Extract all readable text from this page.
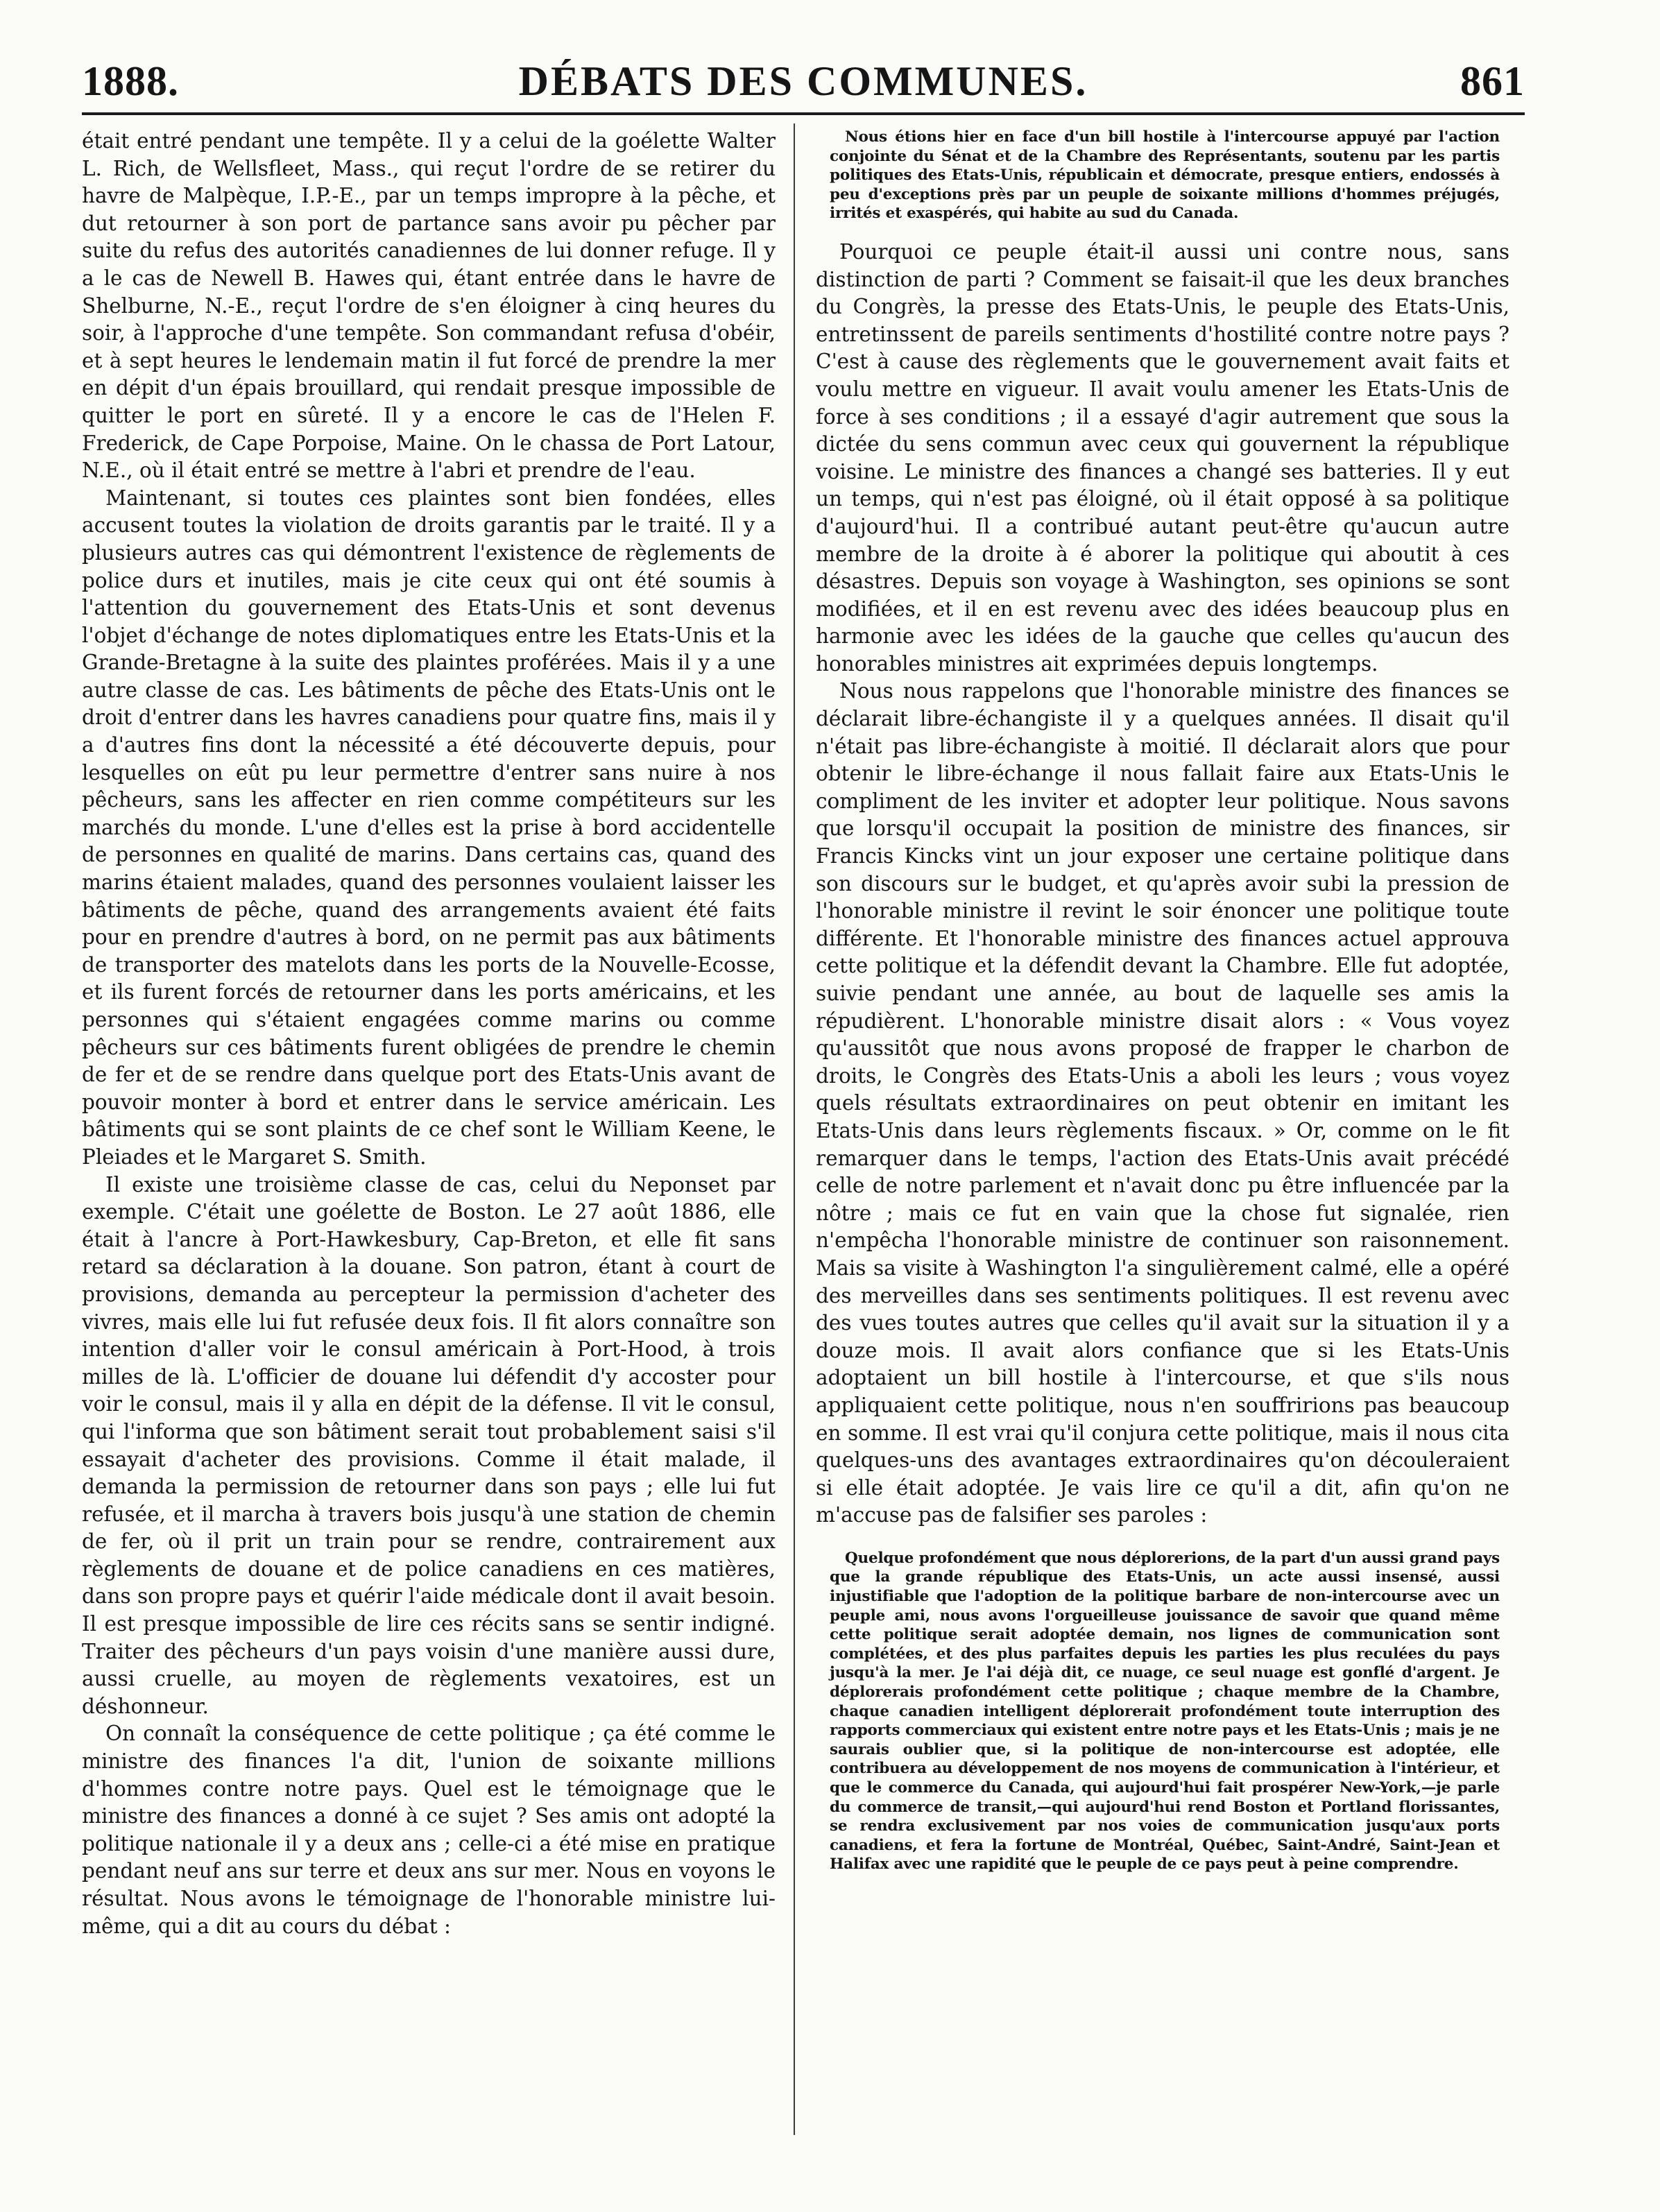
1888.	DÉBATS DES COMMUNES.	861

était entré pendant une tempête. Il y a celui de la goélette Walter L. Rich, de Wellsfleet, Mass., qui reçut l'ordre de se retirer du havre de Malpèque, I.P.-E., par un temps impropre à la pêche, et dut retourner à son port de partance sans avoir pu pêcher par suite du refus des autorités canadiennes de lui donner refuge. Il y a le cas de Newell B. Hawes qui, étant entrée dans le havre de Shelburne, N.-E., reçut l'ordre de s'en éloigner à cinq heures du soir, à l'approche d'une tempête. Son commandant refusa d'obéir, et à sept heures le lendemain matin il fut forcé de prendre la mer en dépit d'un épais brouillard, qui rendait presque impossible de quitter le port en sûreté. Il y a encore le cas de l'Helen F. Frederick, de Cape Porpoise, Maine. On le chassa de Port Latour, N.E., où il était entré se mettre à l'abri et prendre de l'eau.

Maintenant, si toutes ces plaintes sont bien fondées, elles accusent toutes la violation de droits garantis par le traité. Il y a plusieurs autres cas qui démontrent l'existence de règlements de police durs et inutiles, mais je cite ceux qui ont été soumis à l'attention du gouvernement des Etats-Unis et sont devenus l'objet d'échange de notes diplomatiques entre les Etats-Unis et la Grande-Bretagne à la suite des plaintes proférées. Mais il y a une autre classe de cas. Les bâtiments de pêche des Etats-Unis ont le droit d'entrer dans les havres canadiens pour quatre fins, mais il y a d'autres fins dont la nécessité a été découverte depuis, pour lesquelles on eût pu leur permettre d'entrer sans nuire à nos pêcheurs, sans les affecter en rien comme compétiteurs sur les marchés du monde. L'une d'elles est la prise à bord accidentelle de personnes en qualité de marins. Dans certains cas, quand des marins étaient malades, quand des personnes voulaient laisser les bâtiments de pêche, quand des arrangements avaient été faits pour en prendre d'autres à bord, on ne permit pas aux bâtiments de transporter des matelots dans les ports de la Nouvelle-Ecosse, et ils furent forcés de retourner dans les ports américains, et les personnes qui s'étaient engagées comme marins ou comme pêcheurs sur ces bâtiments furent obligées de prendre le chemin de fer et de se rendre dans quelque port des Etats-Unis avant de pouvoir monter à bord et entrer dans le service américain. Les bâtiments qui se sont plaints de ce chef sont le William Keene, le Pleiades et le Margaret S. Smith.

Il existe une troisième classe de cas, celui du Neponset par exemple. C'était une goélette de Boston. Le 27 août 1886, elle était à l'ancre à Port-Hawkesbury, Cap-Breton, et elle fit sans retard sa déclaration à la douane. Son patron, étant à court de provisions, demanda au percepteur la permission d'acheter des vivres, mais elle lui fut refusée deux fois. Il fit alors connaître son intention d'aller voir le consul américain à Port-Hood, à trois milles de là. L'officier de douane lui défendit d'y accoster pour voir le consul, mais il y alla en dépit de la défense. Il vit le consul, qui l'informa que son bâtiment serait tout probablement saisi s'il essayait d'acheter des provisions. Comme il était malade, il demanda la permission de retourner dans son pays ; elle lui fut refusée, et il marcha à travers bois jusqu'à une station de chemin de fer, où il prit un train pour se rendre, contrairement aux règlements de douane et de police canadiens en ces matières, dans son propre pays et quérir l'aide médicale dont il avait besoin. Il est presque impossible de lire ces récits sans se sentir indigné. Traiter des pêcheurs d'un pays voisin d'une manière aussi dure, aussi cruelle, au moyen de règlements vexatoires, est un déshonneur.

On connaît la conséquence de cette politique ; ça été comme le ministre des finances l'a dit, l'union de soixante millions d'hommes contre notre pays. Quel est le témoignage que le ministre des finances a donné à ce sujet ? Ses amis ont adopté la politique nationale il y a deux ans ; celle-ci a été mise en pratique pendant neuf ans sur terre et deux ans sur mer. Nous en voyons le résultat. Nous avons le témoignage de l'honorable ministre lui-même, qui a dit au cours du débat :

Nous étions hier en face d'un bill hostile à l'intercourse appuyé par l'action conjointe du Sénat et de la Chambre des Représentants, soutenu par les partis politiques des Etats-Unis, républicain et démocrate, presque entiers, endossés à peu d'exceptions près par un peuple de soixante millions d'hommes préjugés, irrités et exaspérés, qui habite au sud du Canada.

Pourquoi ce peuple était-il aussi uni contre nous, sans distinction de parti ? Comment se faisait-il que les deux branches du Congrès, la presse des Etats-Unis, le peuple des Etats-Unis, entretinssent de pareils sentiments d'hostilité contre notre pays ? C'est à cause des règlements que le gouvernement avait faits et voulu mettre en vigueur. Il avait voulu amener les Etats-Unis de force à ses conditions ; il a essayé d'agir autrement que sous la dictée du sens commun avec ceux qui gouvernent la république voisine. Le ministre des finances a changé ses batteries. Il y eut un temps, qui n'est pas éloigné, où il était opposé à sa politique d'aujourd'hui. Il a contribué autant peut-être qu'aucun autre membre de la droite à é aborer la politique qui aboutit à ces désastres. Depuis son voyage à Washington, ses opinions se sont modifiées, et il en est revenu avec des idées beaucoup plus en harmonie avec les idées de la gauche que celles qu'aucun des honorables ministres ait exprimées depuis longtemps.

Nous nous rappelons que l'honorable ministre des finances se déclarait libre-échangiste il y a quelques années. Il disait qu'il n'était pas libre-échangiste à moitié. Il déclarait alors que pour obtenir le libre-échange il nous fallait faire aux Etats-Unis le compliment de les inviter et adopter leur politique. Nous savons que lorsqu'il occupait la position de ministre des finances, sir Francis Kincks vint un jour exposer une certaine politique dans son discours sur le budget, et qu'après avoir subi la pression de l'honorable ministre il revint le soir énoncer une politique toute différente. Et l'honorable ministre des finances actuel approuva cette politique et la défendit devant la Chambre. Elle fut adoptée, suivie pendant une année, au bout de laquelle ses amis la répudièrent. L'honorable ministre disait alors : « Vous voyez qu'aussitôt que nous avons proposé de frapper le charbon de droits, le Congrès des Etats-Unis a aboli les leurs ; vous voyez quels résultats extraordinaires on peut obtenir en imitant les Etats-Unis dans leurs règlements fiscaux. » Or, comme on le fit remarquer dans le temps, l'action des Etats-Unis avait précédé celle de notre parlement et n'avait donc pu être influencée par la nôtre ; mais ce fut en vain que la chose fut signalée, rien n'empêcha l'honorable ministre de continuer son raisonnement. Mais sa visite à Washington l'a singulièrement calmé, elle a opéré des merveilles dans ses sentiments politiques. Il est revenu avec des vues toutes autres que celles qu'il avait sur la situation il y a douze mois. Il avait alors confiance que si les Etats-Unis adoptaient un bill hostile à l'intercourse, et que s'ils nous appliquaient cette politique, nous n'en souffririons pas beaucoup en somme. Il est vrai qu'il conjura cette politique, mais il nous cita quelques-uns des avantages extraordinaires qu'on découleraient si elle était adoptée. Je vais lire ce qu'il a dit, afin qu'on ne m'accuse pas de falsifier ses paroles :

Quelque profondément que nous déplorerions, de la part d'un aussi grand pays que la grande république des Etats-Unis, un acte aussi insensé, aussi injustifiable que l'adoption de la politique barbare de non-intercourse avec un peuple ami, nous avons l'orgueilleuse jouissance de savoir que quand même cette politique serait adoptée demain, nos lignes de communication sont complétées, et des plus parfaites depuis les parties les plus reculées du pays jusqu'à la mer. Je l'ai déjà dit, ce nuage, ce seul nuage est gonflé d'argent. Je déplorerais profondément cette politique ; chaque membre de la Chambre, chaque canadien intelligent déplorerait profondément toute interruption des rapports commerciaux qui existent entre notre pays et les Etats-Unis ; mais je ne saurais oublier que, si la politique de non-intercourse est adoptée, elle contribuera au développement de nos moyens de communication à l'intérieur, et que le commerce du Canada, qui aujourd'hui fait prospérer New-York,—je parle du commerce de transit,—qui aujourd'hui rend Boston et Portland florissantes, se rendra exclusivement par nos voies de communication jusqu'aux ports canadiens, et fera la fortune de Montréal, Québec, Saint-André, Saint-Jean et Halifax avec une rapidité que le peuple de ce pays peut à peine comprendre.
